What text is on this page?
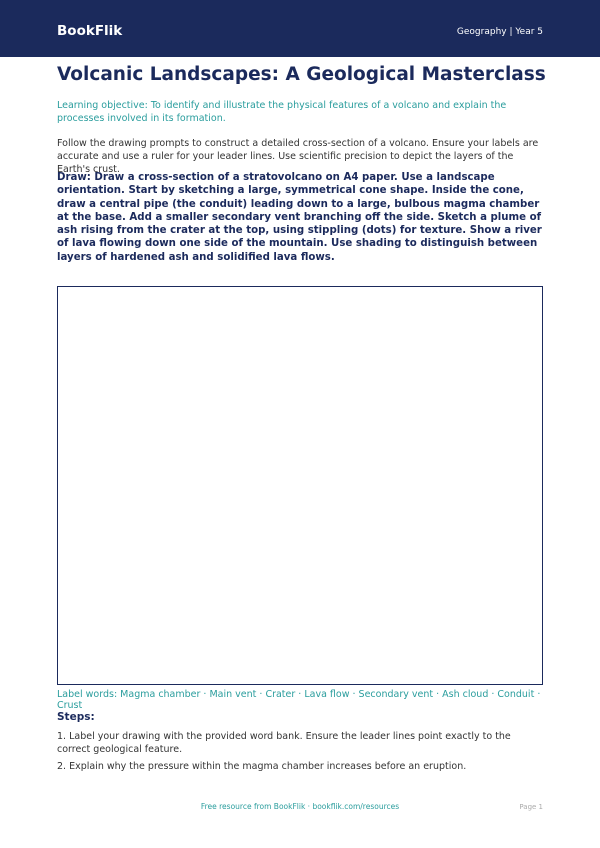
BookFlik	Geography | Year 5
Volcanic Landscapes: A Geological Masterclass

Learning objective: To identify and illustrate the physical features of a volcano and explain the processes involved in its formation.

Follow the drawing prompts to construct a detailed cross-section of a volcano. Ensure your labels are accurate and use a ruler for your leader lines. Use scientific precision to depict the layers of the Earth's crust.

Draw: Draw a cross-section of a stratovolcano on A4 paper. Use a landscape orientation. Start by sketching a large, symmetrical cone shape. Inside the cone, draw a central pipe (the conduit) leading down to a large, bulbous magma chamber at the base. Add a smaller secondary vent branching off the side. Sketch a plume of ash rising from the crater at the top, using stippling (dots) for texture. Show a river of lava flowing down one side of the mountain. Use shading to distinguish between layers of hardened ash and solidified lava flows.

Label words: Magma chamber · Main vent · Crater · Lava flow · Secondary vent · Ash cloud · Conduit · Crust

Steps:

1. Label your drawing with the provided word bank. Ensure the leader lines point exactly to the correct geological feature.
2. Explain why the pressure within the magma chamber increases before an eruption.
Free resource from BookFlik · bookflik.com/resources	Page 1
